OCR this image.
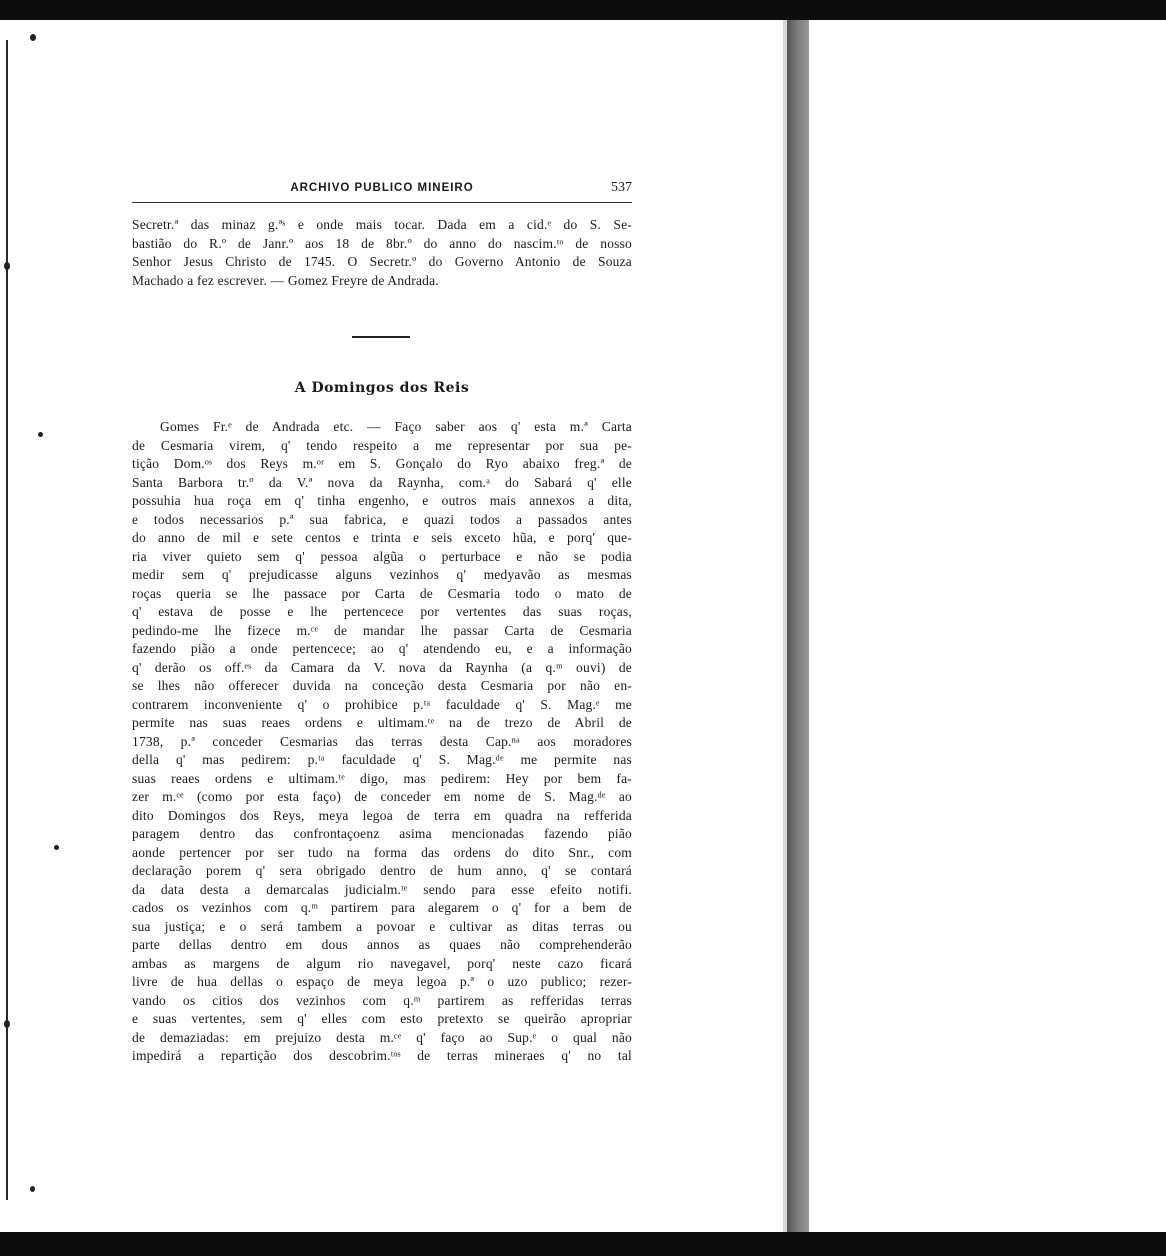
ARCHIVO PUBLICO MINEIRO	537
Secretr.ª das minaz g.ªˢ e onde mais tocar. Dada em a cid.ᵉ do S. Se-
bastião do R.º de Janr.º aos 18 de 8br.º do anno do nascim.ᵗᵒ de nosso
Senhor Jesus Christo de 1745. O Secretr.º do Governo Antonio de Souza
Machado a fez escrever. — Gomez Freyre de Andrada.
A Domingos dos Reis
Gomes Fr.ᵉ de Andrada etc. — Faço saber aos q' esta m.ª Carta
de Cesmaria virem, q' tendo respeito a me representar por sua pe-
tição Dom.ᵒˢ dos Reys m.ᵒʳ em S. Gonçalo do Ryo abaixo freg.ª de
Santa Barbora tr.º da V.ª nova da Raynha, com.ᵃ do Sabará q' elle
possuhia hua roça em q' tinha engenho, e outros mais annexos a dita,
e todos necessarios p.ª sua fabrica, e quazi todos a passados antes
do anno de mil e sete centos e trinta e seis exceto hũa, e porq' que-
ria viver quieto sem q' pessoa algũa o perturbace e não se podia
medir sem q' prejudicasse alguns vezinhos q' medyavão as mesmas
roças queria se lhe passace por Carta de Cesmaria todo o mato de
q' estava de posse e lhe pertencece por vertentes das suas roças,
pedindo-me lhe fizece m.ᶜᵉ de mandar lhe passar Carta de Cesmaria
fazendo pião a onde pertencece; ao q' atendendo eu, e a informação
q' derão os off.ᵉˢ da Camara da V. nova da Raynha (a q.ᵐ ouvi) de
se lhes não offerecer duvida na conceção desta Cesmaria por não en-
contrarem inconveniente q' o prohibice p.ᵗᵃ faculdade q' S. Mag.ᵉ me
permite nas suas reaes ordens e ultimam.ᵗᵉ na de trezo de Abril de
1738, p.ª conceder Cesmarias das terras desta Cap.ⁿᵃ aos moradores
della q' mas pedirem: p.ᵗᵃ faculdade q' S. Mag.ᵈᵉ me permite nas
suas reaes ordens e ultimam.ᵗᵉ digo, mas pedirem: Hey por bem fa-
zer m.ᶜᵉ (como por esta faço) de conceder em nome de S. Mag.ᵈᵉ ao
dito Domingos dos Reys, meya legoa de terra em quadra na refferida
paragem dentro das confrontaçoenz asima mencionadas fazendo pião
aonde pertencer por ser tudo na forma das ordens do dito Snr., com
declaração porem q' sera obrigado dentro de hum anno, q' se contará
da data desta a demarcalas judicialm.ᵗᵉ sendo para esse efeito notifi.
cados os vezinhos com q.ᵐ partirem para alegarem o q' for a bem de
sua justiça; e o será tambem a povoar e cultivar as ditas terras ou
parte dellas dentro em dous annos as quaes não comprehenderão
ambas as margens de algum rio navegavel, porq' neste cazo ficará
livre de hua dellas o espaço de meya legoa p.ª o uzo publico; rezer-
vando os citios dos vezinhos com q.ᵐ partirem as refferidas terras
e suas vertentes, sem q' elles com esto pretexto se queirão apropriar
de demaziadas: em prejuizo desta m.ᶜᵉ q' faço ao Sup.ᵉ o qual não
impedirá a repartição dos descobrim.ᵗᵒˢ de terras mineraes q' no tal
